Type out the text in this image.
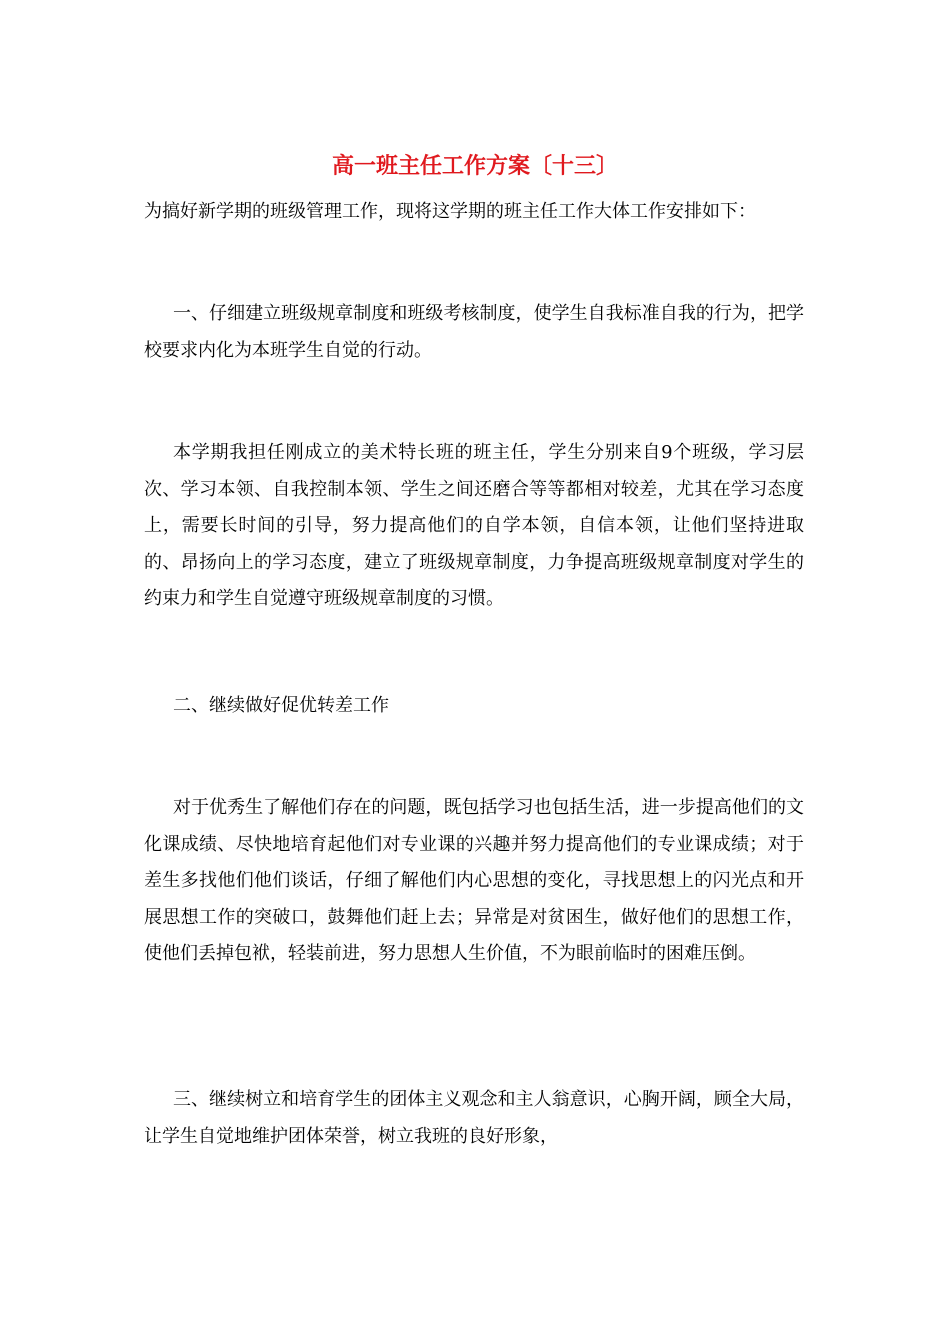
高一班主任工作方案〔十三〕

为搞好新学期的班级管理工作，现将这学期的班主任工作大体工作安排如下：

一、仔细建立班级规章制度和班级考核制度，使学生自我标准自我的行为，把学校要求内化为本班学生自觉的行动。

本学期我担任刚成立的美术特长班的班主任，学生分别来自9个班级，学习层次、学习本领、自我控制本领、学生之间还磨合等等都相对较差，尤其在学习态度上，需要长时间的引导，努力提高他们的自学本领，自信本领，让他们坚持进取的、昂扬向上的学习态度，建立了班级规章制度，力争提高班级规章制度对学生的约束力和学生自觉遵守班级规章制度的习惯。

二、继续做好促优转差工作

对于优秀生了解他们存在的问题，既包括学习也包括生活，进一步提高他们的文化课成绩、尽快地培育起他们对专业课的兴趣并努力提高他们的专业课成绩；对于差生多找他们他们谈话，仔细了解他们内心思想的变化，寻找思想上的闪光点和开展思想工作的突破口，鼓舞他们赶上去；异常是对贫困生，做好他们的思想工作，使他们丢掉包袱，轻装前进，努力思想人生价值，不为眼前临时的困难压倒。

三、继续树立和培育学生的团体主义观念和主人翁意识，心胸开阔，顾全大局，让学生自觉地维护团体荣誉，树立我班的良好形象，
